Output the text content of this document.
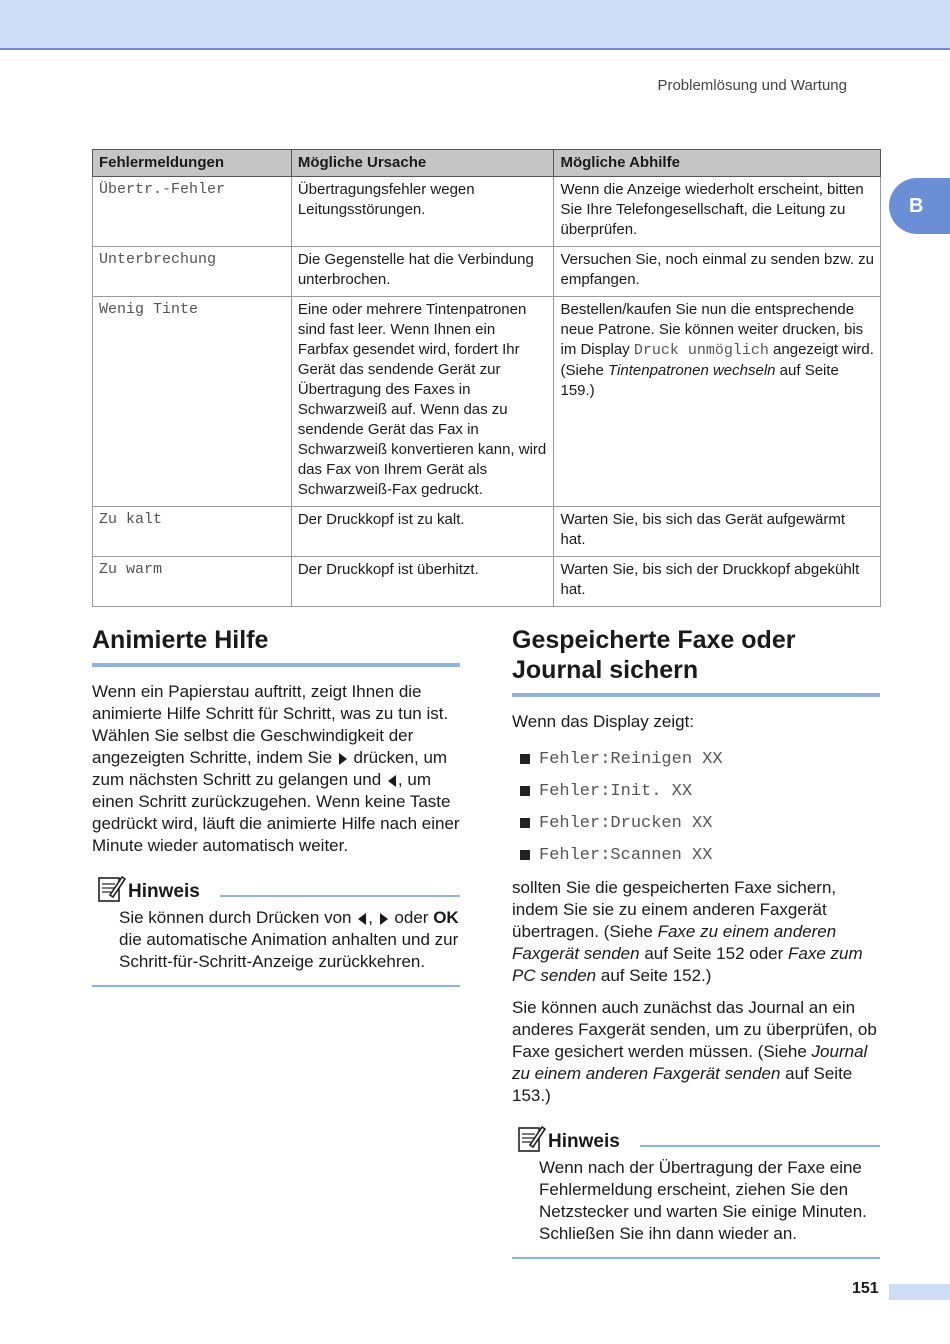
Problemlösung und Wartung
B
Fehlermeldungen	Mögliche Ursache	Mögliche Abhilfe
Übertr.-Fehler	Übertragungsfehler wegen Leitungsstörungen.	Wenn die Anzeige wiederholt erscheint, bitten Sie Ihre Telefongesellschaft, die Leitung zu überprüfen.
Unterbrechung	Die Gegenstelle hat die Verbindung unterbrochen.	Versuchen Sie, noch einmal zu senden bzw. zu empfangen.
Wenig Tinte	Eine oder mehrere Tintenpatronen sind fast leer. Wenn Ihnen ein Farbfax gesendet wird, fordert Ihr Gerät das sendende Gerät zur Übertragung des Faxes in Schwarzweiß auf. Wenn das zu sendende Gerät das Fax in Schwarzweiß konvertieren kann, wird das Fax von Ihrem Gerät als Schwarzweiß-Fax gedruckt.	Bestellen/kaufen Sie nun die entsprechende neue Patrone. Sie können weiter drucken, bis im Display Druck unmöglich angezeigt wird. (Siehe Tintenpatronen wechseln auf Seite 159.)
Zu kalt	Der Druckkopf ist zu kalt.	Warten Sie, bis sich das Gerät aufgewärmt hat.
Zu warm	Der Druckkopf ist überhitzt.	Warten Sie, bis sich der Druckkopf abgekühlt hat.
Animierte Hilfe

Wenn ein Papierstau auftritt, zeigt Ihnen die animierte Hilfe Schritt für Schritt, was zu tun ist. Wählen Sie selbst die Geschwindigkeit der angezeigten Schritte, indem Sie drücken, um zum nächsten Schritt zu gelangen und , um einen Schritt zurückzugehen. Wenn keine Taste gedrückt wird, läuft die animierte Hilfe nach einer Minute wieder automatisch weiter.

Hinweis

Sie können durch Drücken von , oder OK die automatische Animation anhalten und zur Schritt-für-Schritt-Anzeige zurückkehren.

Gespeicherte Faxe oder Journal sichern

Wenn das Display zeigt:

Fehler:Reinigen XX
Fehler:Init. XX
Fehler:Drucken XX
Fehler:Scannen XX

sollten Sie die gespeicherten Faxe sichern, indem Sie sie zu einem anderen Faxgerät übertragen. (Siehe Faxe zu einem anderen Faxgerät senden auf Seite 152 oder Faxe zum PC senden auf Seite 152.)

Sie können auch zunächst das Journal an ein anderes Faxgerät senden, um zu überprüfen, ob Faxe gesichert werden müssen. (Siehe Journal zu einem anderen Faxgerät senden auf Seite 153.)

Hinweis

Wenn nach der Übertragung der Faxe eine Fehlermeldung erscheint, ziehen Sie den Netzstecker und warten Sie einige Minuten. Schließen Sie ihn dann wieder an.

151
